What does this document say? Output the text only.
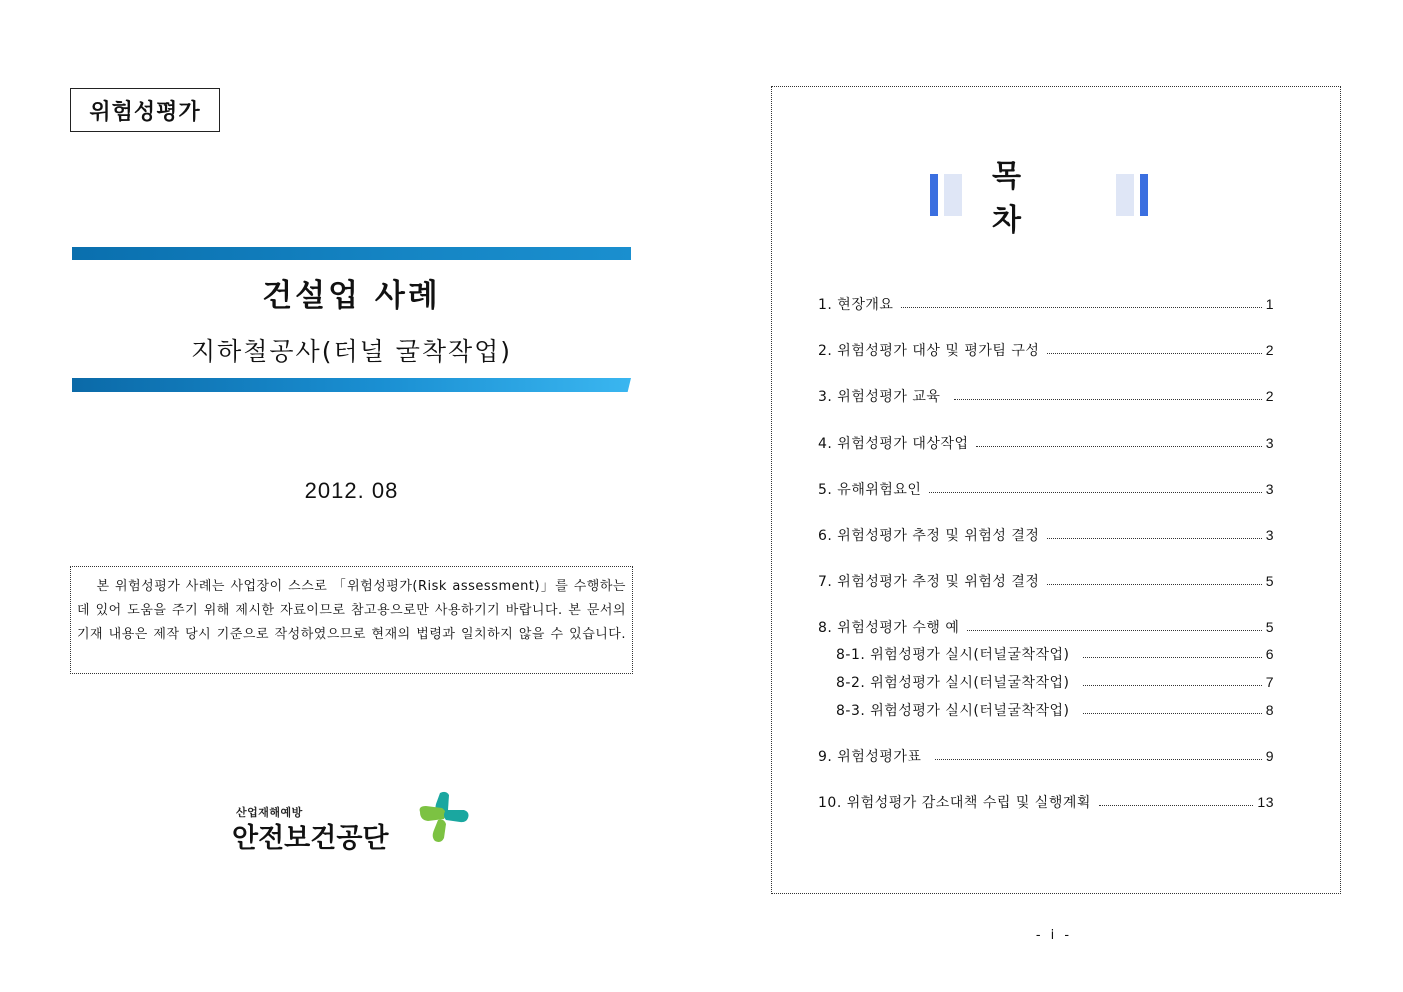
위험성평가
건설업 사례
지하철공사(터널 굴착작업)
2012. 08
본 위험성평가 사례는 사업장이 스스로 「위험성평가(Risk assessment)」를 수행하는 데 있어 도움을 주기 위해 제시한 자료이므로 참고용으로만 사용하기기 바랍니다. 본 문서의 기재 내용은 제작 당시 기준으로 작성하였으므로 현재의 법령과 일치하지 않을 수 있습니다.
산업재해예방
안전보건공단
목 차
1. 현장개요	1
2. 위험성평가 대상 및 평가팀 구성	2
3. 위험성평가 교육	2
4. 위험성평가 대상작업	3
5. 유해위험요인	3
6. 위험성평가 추정 및 위험성 결정	3
7. 위험성평가 추정 및 위험성 결정	5
8. 위험성평가 수행 예	5
8-1. 위험성평가 실시(터널굴착작업)	6
8-2. 위험성평가 실시(터널굴착작업)	7
8-3. 위험성평가 실시(터널굴착작업)	8
9. 위험성평가표	9
10. 위험성평가 감소대책 수립 및 실행계획	13
- i -
